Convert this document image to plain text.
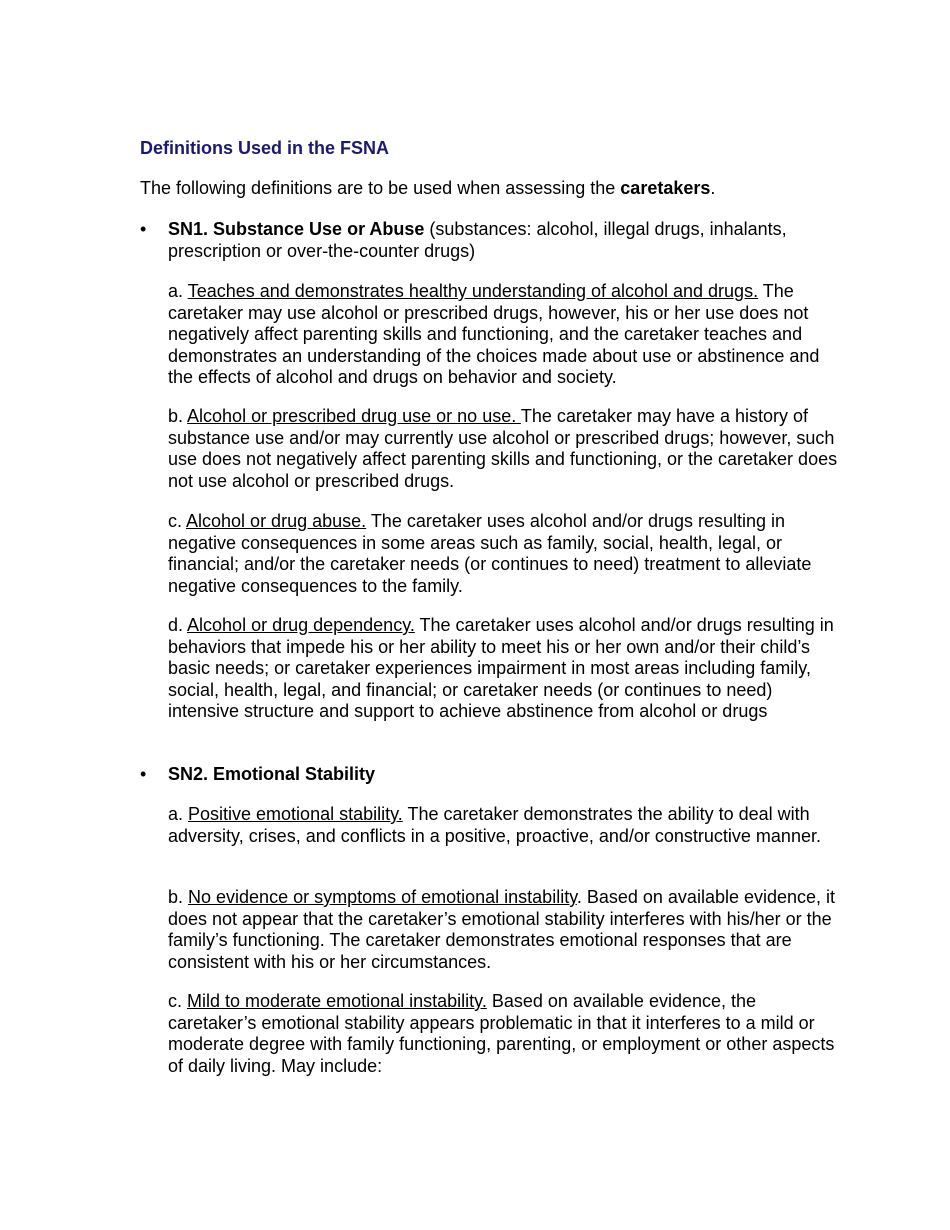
Definitions Used in the FSNA

The following definitions are to be used when assessing the caretakers.

• SN1. Substance Use or Abuse (substances: alcohol, illegal drugs, inhalants, prescription or over-the-counter drugs)

a. Teaches and demonstrates healthy understanding of alcohol and drugs. The caretaker may use alcohol or prescribed drugs, however, his or her use does not negatively affect parenting skills and functioning, and the caretaker teaches and demonstrates an understanding of the choices made about use or abstinence and the effects of alcohol and drugs on behavior and society.

b. Alcohol or prescribed drug use or no use. The caretaker may have a history of substance use and/or may currently use alcohol or prescribed drugs; however, such use does not negatively affect parenting skills and functioning, or the caretaker does not use alcohol or prescribed drugs.

c. Alcohol or drug abuse. The caretaker uses alcohol and/or drugs resulting in negative consequences in some areas such as family, social, health, legal, or financial; and/or the caretaker needs (or continues to need) treatment to alleviate negative consequences to the family.

d. Alcohol or drug dependency. The caretaker uses alcohol and/or drugs resulting in behaviors that impede his or her ability to meet his or her own and/or their child’s basic needs; or caretaker experiences impairment in most areas including family, social, health, legal, and financial; or caretaker needs (or continues to need) intensive structure and support to achieve abstinence from alcohol or drugs

• SN2. Emotional Stability

a. Positive emotional stability. The caretaker demonstrates the ability to deal with adversity, crises, and conflicts in a positive, proactive, and/or constructive manner.

b. No evidence or symptoms of emotional instability. Based on available evidence, it does not appear that the caretaker’s emotional stability interferes with his/her or the family’s functioning. The caretaker demonstrates emotional responses that are consistent with his or her circumstances.

c. Mild to moderate emotional instability. Based on available evidence, the caretaker’s emotional stability appears problematic in that it interferes to a mild or moderate degree with family functioning, parenting, or employment or other aspects of daily living. May include:
